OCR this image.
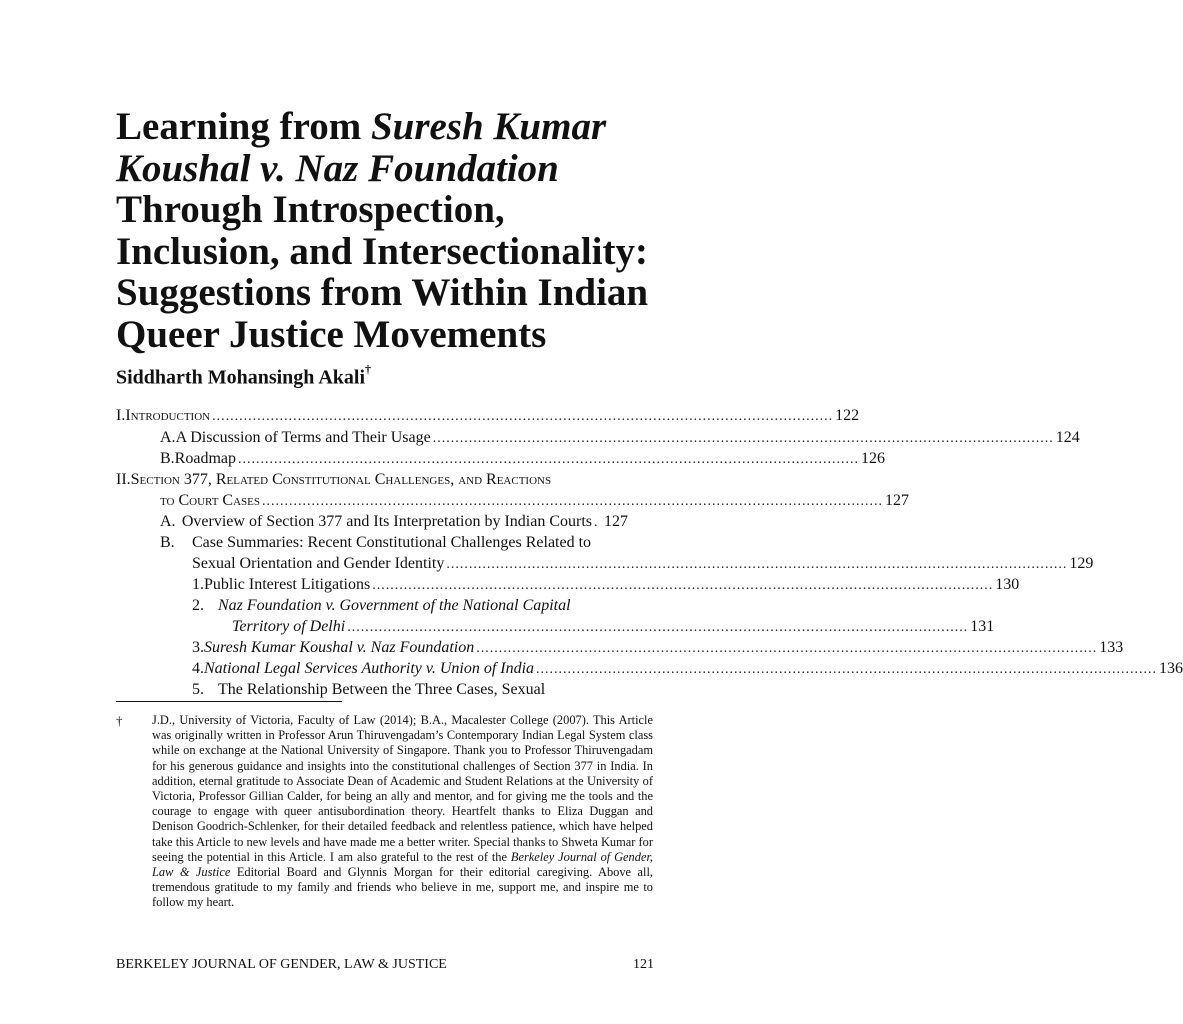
Learning from Suresh Kumar
Koushal v. Naz Foundation
Through Introspection,
Inclusion, and Intersectionality:
Suggestions from Within Indian
Queer Justice Movements
Siddharth Mohansingh Akali†
I. Introduction .......................................................................................................................................... 122
A. A Discussion of Terms and Their Usage .......................................................................................................................................... 124
B. Roadmap .......................................................................................................................................... 126
II.Section 377, Related Constitutional Challenges, and Reactions
to Court Cases .......................................................................................................................................... 127
A. Overview of Section 377 and Its Interpretation by Indian Courts . 127
B. Case Summaries: Recent Constitutional Challenges Related to
Sexual Orientation and Gender Identity .......................................................................................................................................... 129
1. Public Interest Litigations .......................................................................................................................................... 130
2. Naz Foundation v. Government of the National Capital
Territory of Delhi .......................................................................................................................................... 131
3. Suresh Kumar Koushal v. Naz Foundation .......................................................................................................................................... 133
4. National Legal Services Authority v. Union of India .......................................................................................................................................... 136
5. The Relationship Between the Three Cases, Sexual
† J.D., University of Victoria, Faculty of Law (2014); B.A., Macalester College (2007). This Article was originally written in Professor Arun Thiruvengadam’s Contemporary Indian Legal System class while on exchange at the National University of Singapore. Thank you to Professor Thiruvengadam for his generous guidance and insights into the constitutional challenges of Section 377 in India. In addition, eternal gratitude to Associate Dean of Academic and Student Relations at the University of Victoria, Professor Gillian Calder, for being an ally and mentor, and for giving me the tools and the courage to engage with queer antisubordination theory. Heartfelt thanks to Eliza Duggan and Denison Goodrich-Schlenker, for their detailed feedback and relentless patience, which have helped take this Article to new levels and have made me a better writer. Special thanks to Shweta Kumar for seeing the potential in this Article. I am also grateful to the rest of the Berkeley Journal of Gender, Law & Justice Editorial Board and Glynnis Morgan for their editorial caregiving. Above all, tremendous gratitude to my family and friends who believe in me, support me, and inspire me to follow my heart.

BERKELEY JOURNAL OF GENDER, LAW & JUSTICE	121
